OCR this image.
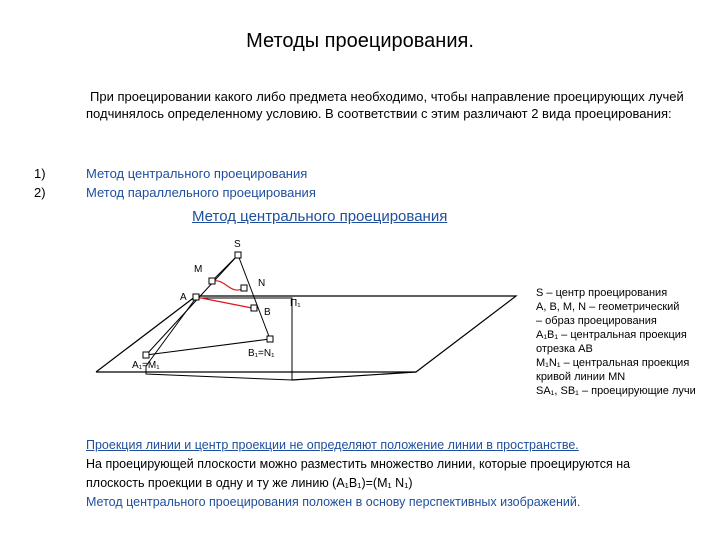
Методы проецирования.
При проецировании какого либо предмета необходимо, чтобы направление проецирующих лучей подчинялось определенному условию. В соответствии с этим различают 2 вида проецирования:
1)	Метод центрального проецирования
2)	Метод параллельного проецирования
Метод центрального проецирования
S
M
N
A
B
П₁
B₁=N₁
A₁=M₁
S – центр проецирования
А, В, М, N – геометрический
– образ проецирования
А₁В₁ – центральная проекция
отрезка АВ
M₁N₁ – центральная проекция
кривой линии MN
SA₁, SB₁ – проецирующие лучи
Проекция линии и центр проекции не определяют положение линии в пространстве.
На проецирующей плоскости можно разместить множество линии, которые проецируются на
плоскость проекции в одну и ту же линию (А₁В₁)=(M₁ N₁)
Метод центрального проецирования положен в основу перспективных изображений.
